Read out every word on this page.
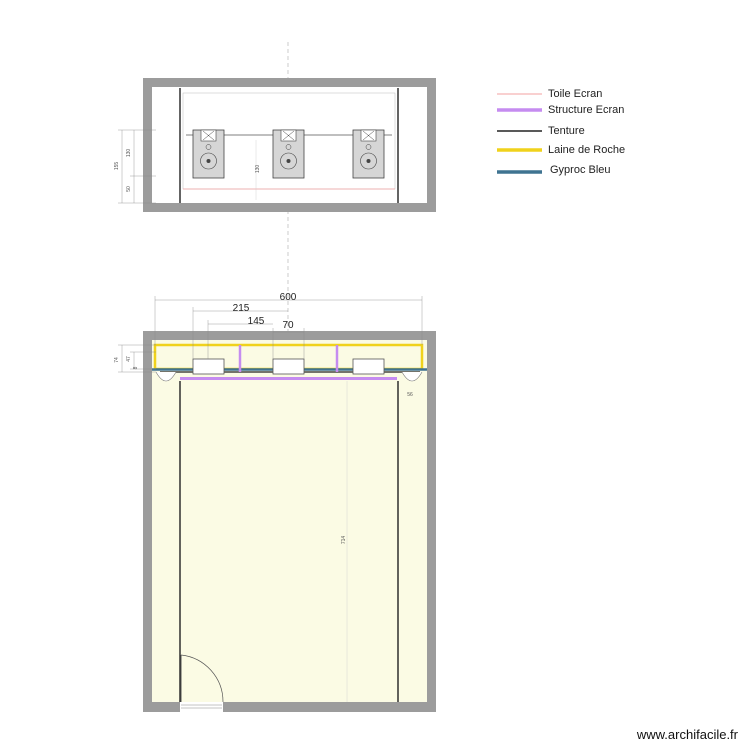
155
130
50
130
Toile Ecran
Structure Ecran
Tenture
Laine de Roche
Gyproc Bleu
600
215
145 70
74 47
8
56
714
www.archifacile.fr
